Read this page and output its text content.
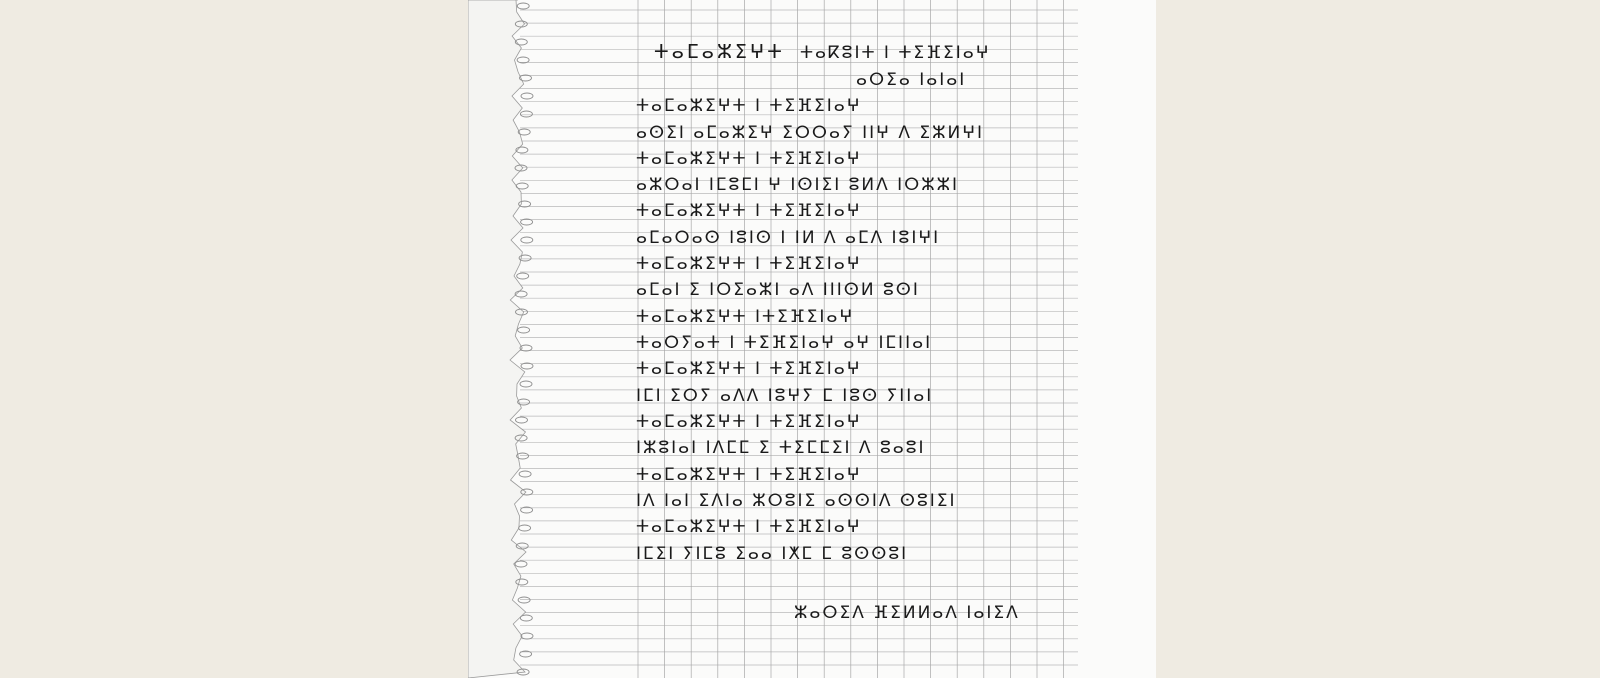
ⵜⴰⵎⴰⵣⵉⵖⵜ ⵜⴰⴽⵓⵏⵜ ⵏ ⵜⵉⴼⵉⵏⴰⵖ
ⴰⵔⵉⴰ ⵏⴰⵏⴰⵏ
ⵜⴰⵎⴰⵣⵉⵖⵜ ⵏ ⵜⵉⴼⵉⵏⴰⵖ
ⴰⵙⵉⵏ ⴰⵎⴰⵣⵉⵖ ⵉⵔⵔⴰⵢ ⵏⵏⵖ ⴷ ⵉⵣⵍⵖⵏ
ⵜⴰⵎⴰⵣⵉⵖⵜ ⵏ ⵜⵉⴼⵉⵏⴰⵖ
ⴰⵣⵔⴰⵏ ⵏⵎⵓⵎⵏ ⵖ ⵏⵙⵏⵉⵏ ⵓⵍⴷ ⵏⵔⵣⵣⵏ
ⵜⴰⵎⴰⵣⵉⵖⵜ ⵏ ⵜⵉⴼⵉⵏⴰⵖ
ⴰⵎⴰⵔⴰⵙ ⵏⵓⵏⵙ ⵏ ⵏⵍ ⴷ ⴰⵎⴷ ⵏⵓⵏⵖⵏ
ⵜⴰⵎⴰⵣⵉⵖⵜ ⵏ ⵜⵉⴼⵉⵏⴰⵖ
ⴰⵎⴰⵏ ⵉ ⵏⵔⵉⴰⵣⵏ ⴰⴷ ⵏⵏⵏⵙⵍ ⵓⵙⵏ
ⵜⴰⵎⴰⵣⵉⵖⵜ ⵏⵜⵉⴼⵉⵏⴰⵖ
ⵜⴰⵔⵢⴰⵜ ⵏ ⵜⵉⴼⵉⵏⴰⵖ ⴰⵖ ⵏⵎⵏⵏⴰⵏ
ⵜⴰⵎⴰⵣⵉⵖⵜ ⵏ ⵜⵉⴼⵉⵏⴰⵖ
ⵏⵎⵏ ⵉⵔⵢ ⴰⴷⴷ ⵏⵓⵖⵢ ⵎ ⵏⵓⵙ ⵢⵏⵏⴰⵏ
ⵜⴰⵎⴰⵣⵉⵖⵜ ⵏ ⵜⵉⴼⵉⵏⴰⵖ
ⵏⵣⵓⵏⴰⵏ ⵏⴷⵎⵎ ⵉ ⵜⵉⵎⵎⵉⵏ ⴷ ⵓⴰⵓⵏ
ⵜⴰⵎⴰⵣⵉⵖⵜ ⵏ ⵜⵉⴼⵉⵏⴰⵖ
ⵏⴷ ⵏⴰⵏ ⵉⴷⵏⴰ ⵣⵔⵓⵏⵉ ⴰⵙⵙⵏⴷ ⵙⵓⵏⵉⵏ
ⵜⴰⵎⴰⵣⵉⵖⵜ ⵏ ⵜⵉⴼⵉⵏⴰⵖ
ⵏⵎⵉⵏ ⵢⵏⵎⵓ ⵉⴰⴰ ⵏⵅⵎ ⵎ ⵓⵙⵙⵓⵏ
ⵣⴰⵔⵉⴷ ⴼⵉⵍⵍⴰⴷ ⵏⴰⵏⵉⴷ
